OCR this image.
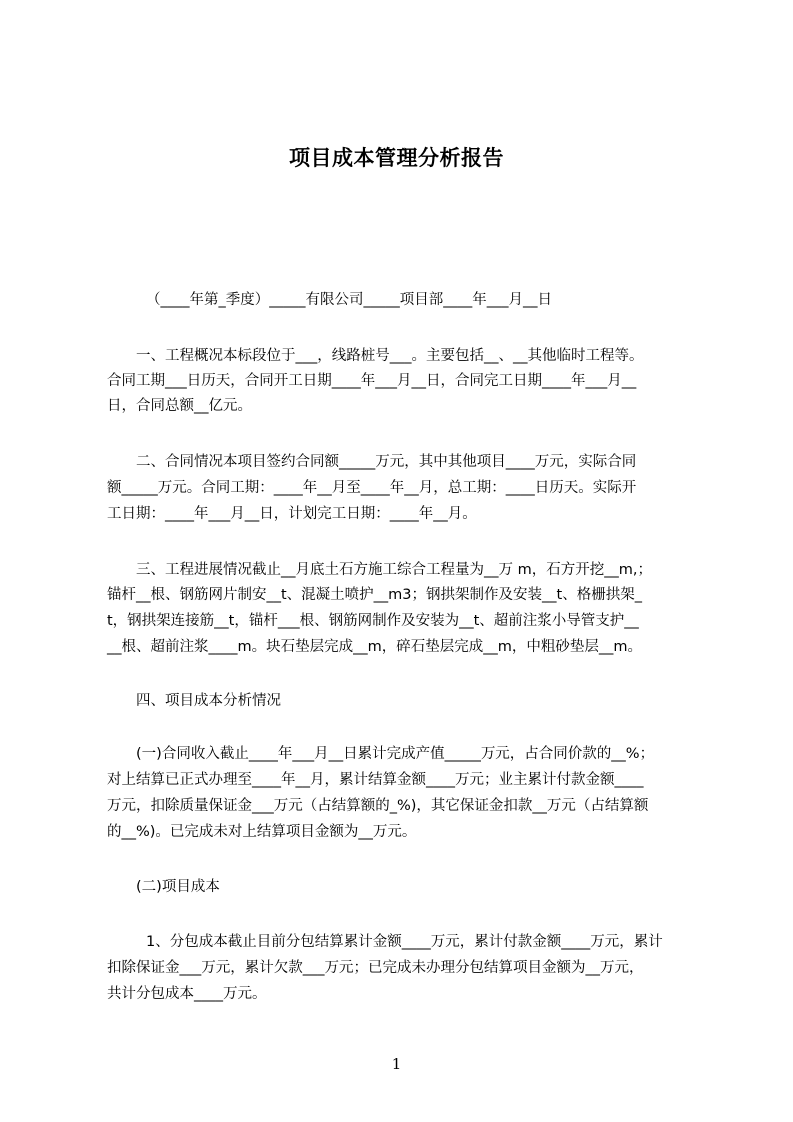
项目成本管理分析报告
（____年第_季度）_____有限公司_____项目部____年___月__日
一、工程概况本标段位于___，线路桩号___。主要包括__、__其他临时工程等。
合同工期___日历天，合同开工日期____年___月__日，合同完工日期____年___月__
日，合同总额__亿元。
二、合同情况本项目签约合同额_____万元，其中其他项目____万元，实际合同
额_____万元。合同工期：____年__月至____年__月，总工期：____日历天。实际开
工日期：____年___月__日，计划完工日期：____年__月。
三、工程进展情况截止__月底土石方施工综合工程量为__万 m，石方开挖__m,；
锚杆__根、钢筋网片制安__t、混凝土喷护__m3；钢拱架制作及安装__t、格栅拱架_
t，钢拱架连接筋__t，锚杆___根、钢筋网制作及安装为__t、超前注浆小导管支护__
__根、超前注浆____m。块石垫层完成__m，碎石垫层完成__m，中粗砂垫层__m。
四、项目成本分析情况
(一)合同收入截止____年___月__日累计完成产值_____万元，占合同价款的__%；
对上结算已正式办理至____年__月，累计结算金额____万元；业主累计付款金额____
万元，扣除质量保证金___万元（占结算额的_%)，其它保证金扣款__万元（占结算额
的__%)。已完成未对上结算项目金额为__万元。
(二)项目成本
1、分包成本截止目前分包结算累计金额____万元，累计付款金额____万元，累计
扣除保证金___万元，累计欠款___万元；已完成未办理分包结算项目金额为__万元，
共计分包成本____万元。
1
